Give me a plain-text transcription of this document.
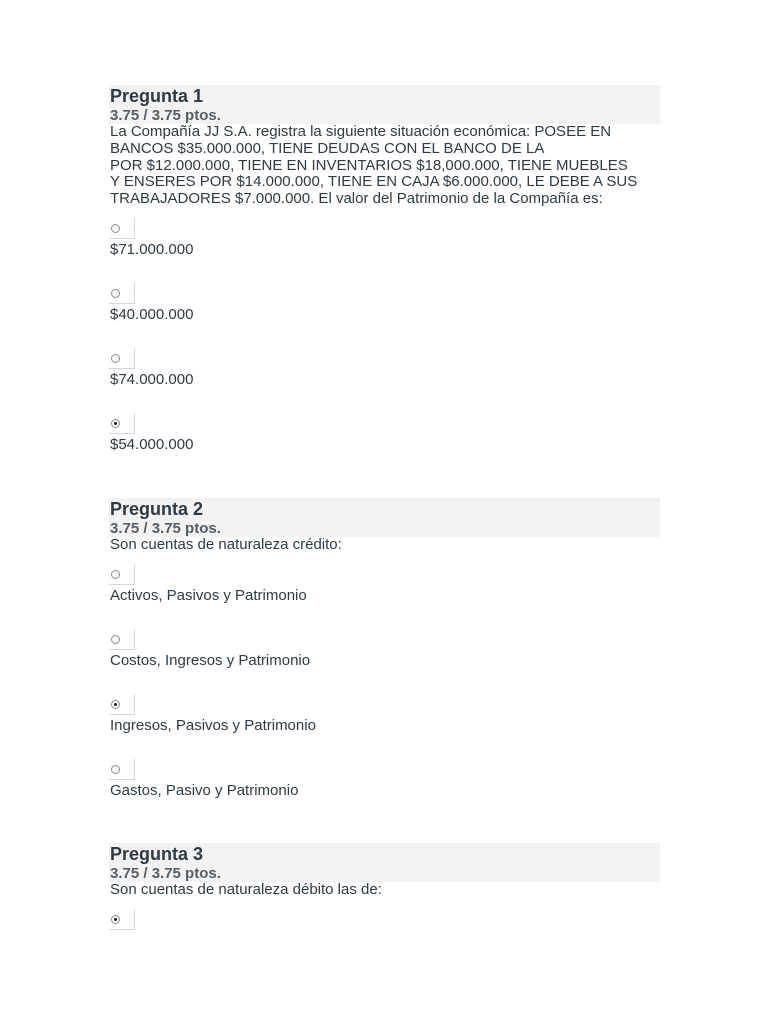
Pregunta 1
3.75 / 3.75 ptos.

La Compañía JJ S.A. registra la siguiente situación económica: POSEE EN
BANCOS $35.000.000, TIENE DEUDAS CON EL BANCO DE LA
POR $12.000.000, TIENE EN INVENTARIOS $18,000.000, TIENE MUEBLES
Y ENSERES POR $14.000.000, TIENE EN CAJA $6.000.000, LE DEBE A SUS
TRABAJADORES $7.000.000. El valor del Patrimonio de la Compañía es:

$71.000.000
$40.000.000
$74.000.000
$54.000.000
Pregunta 2
3.75 / 3.75 ptos.

Son cuentas de naturaleza crédito:

Activos, Pasivos y Patrimonio
Costos, Ingresos y Patrimonio
Ingresos, Pasivos y Patrimonio
Gastos, Pasivo y Patrimonio
Pregunta 3
3.75 / 3.75 ptos.

Son cuentas de naturaleza débito las de:
